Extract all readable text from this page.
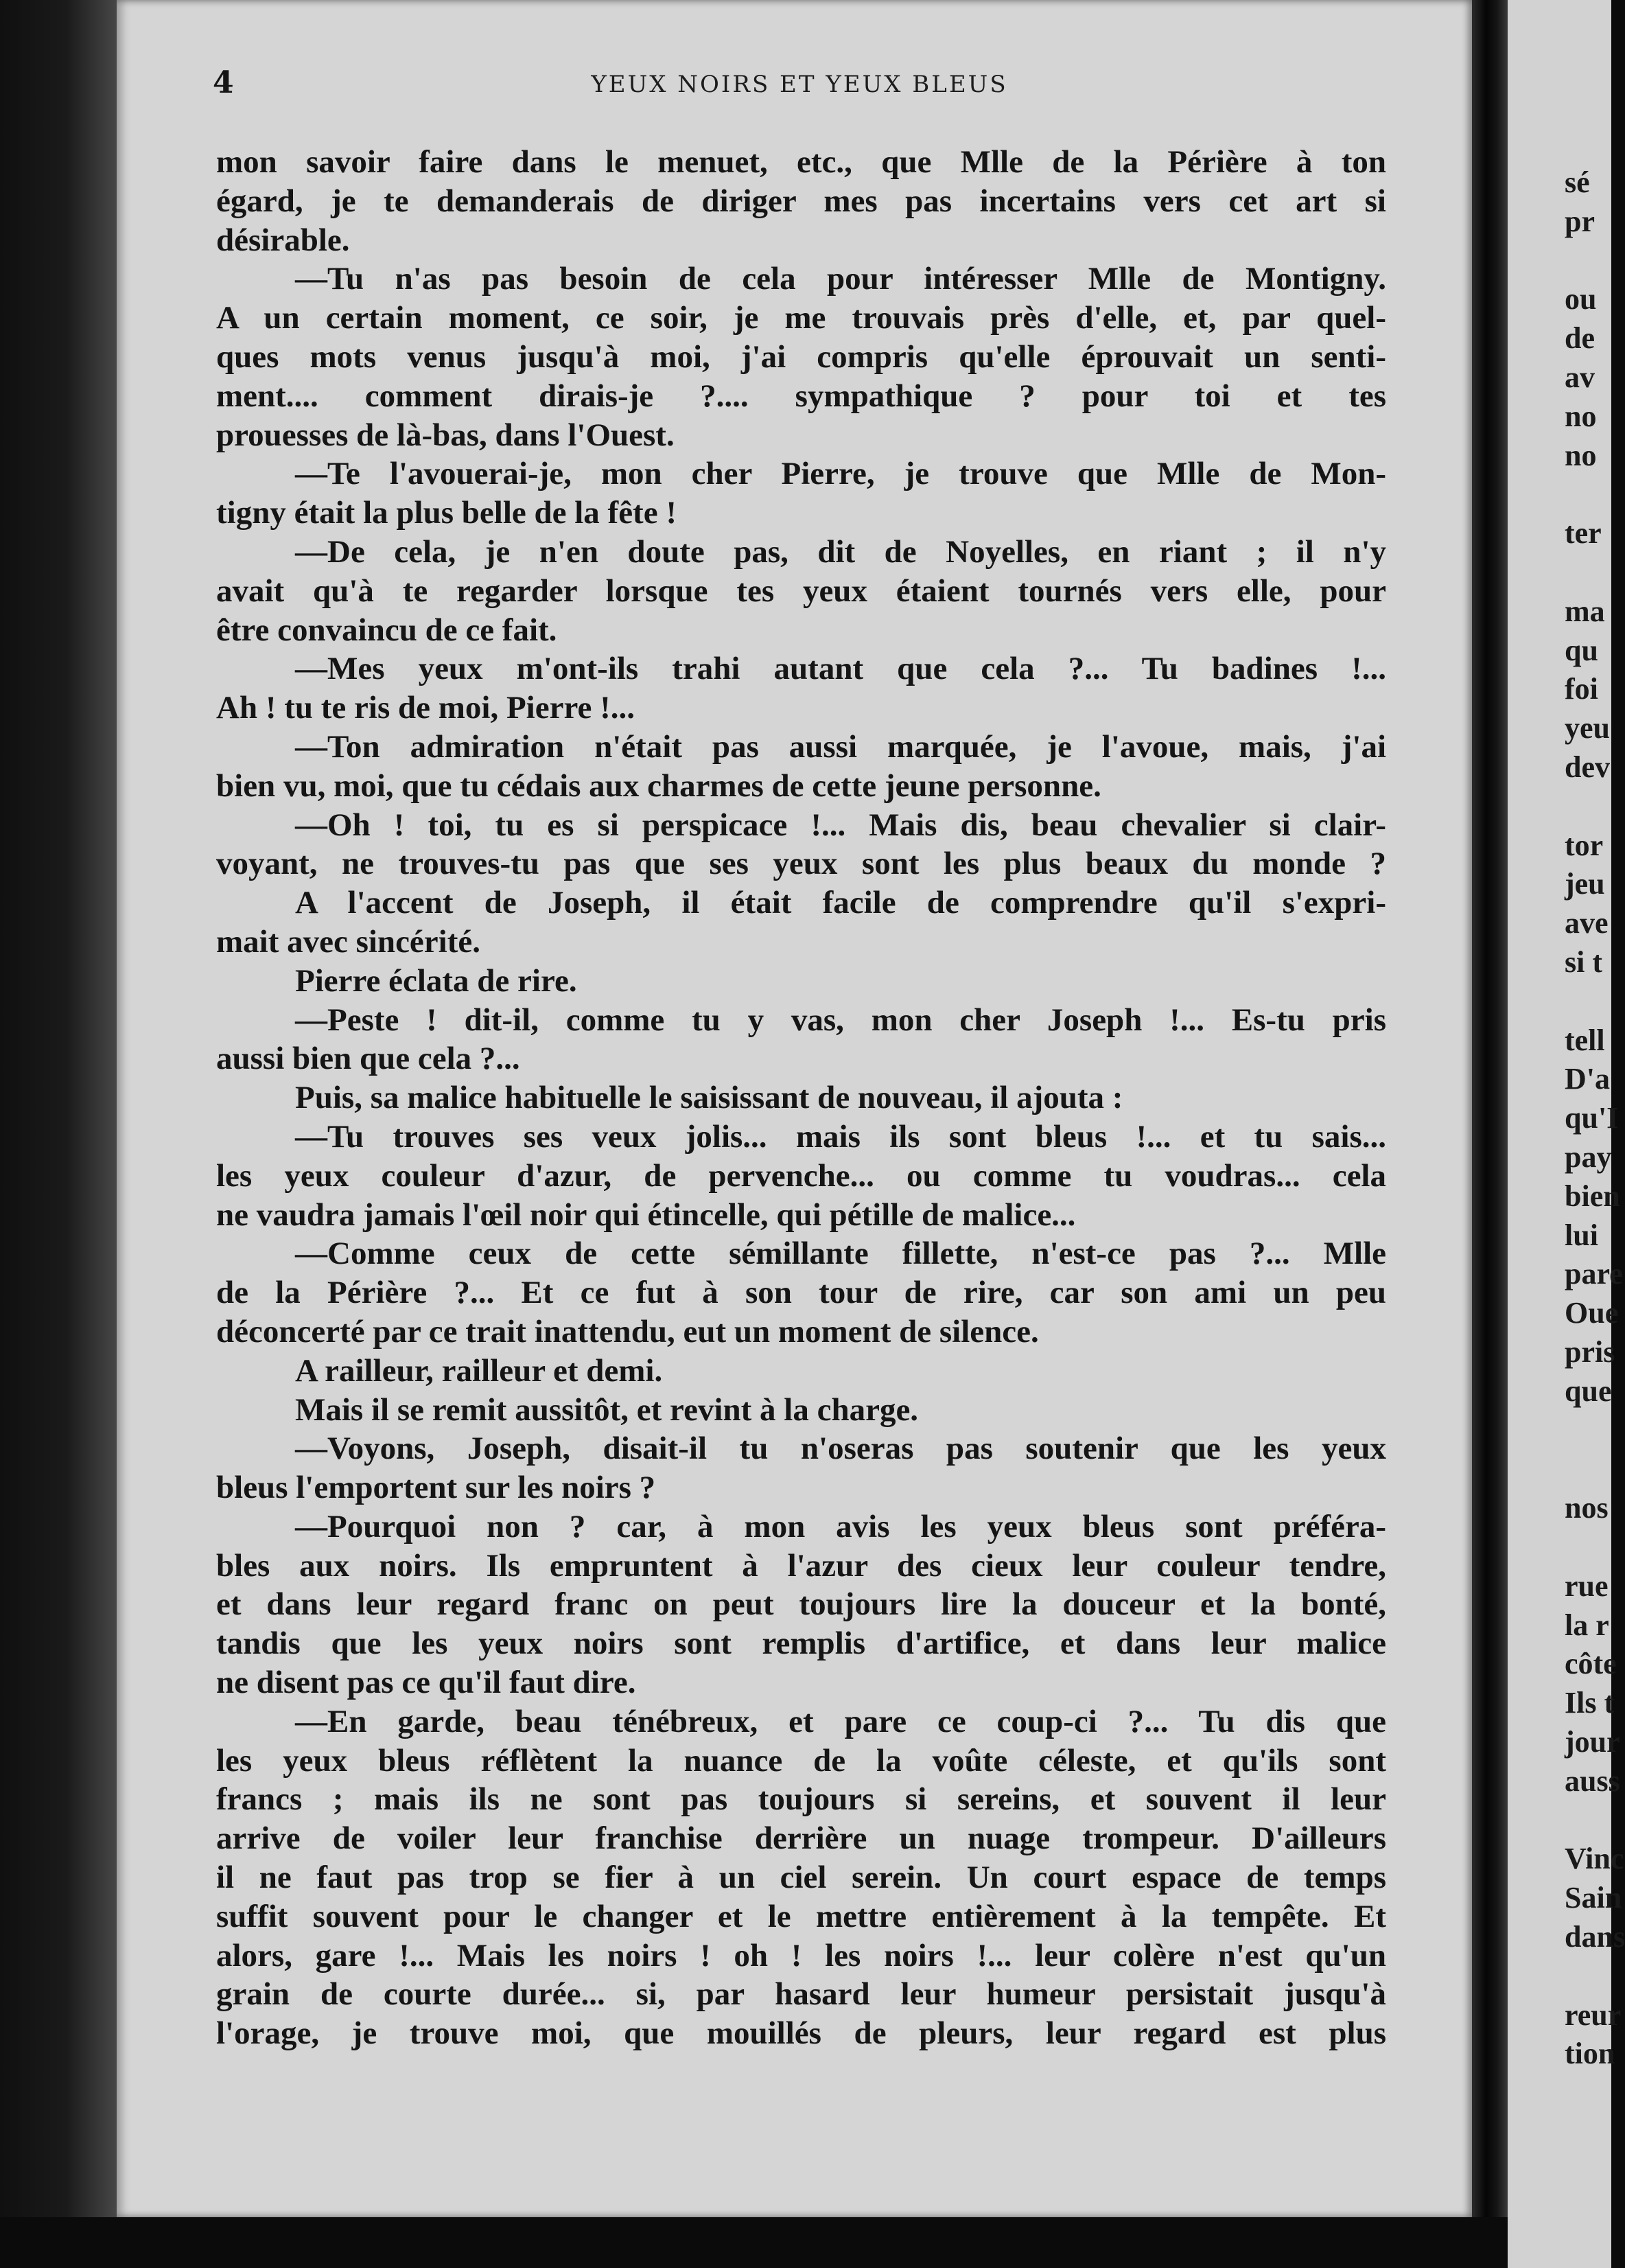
4	YEUX NOIRS ET YEUX BLEUS
mon savoir faire dans le menuet, etc., que Mlle de la Périère à ton
égard, je te demanderais de diriger mes pas incertains vers cet art si
désirable.
—Tu n'as pas besoin de cela pour intéresser Mlle de Montigny.
A un certain moment, ce soir, je me trouvais près d'elle, et, par quel-
ques mots venus jusqu'à moi, j'ai compris qu'elle éprouvait un senti-
ment.... comment dirais-je ?.... sympathique ? pour toi et tes
prouesses de là-bas, dans l'Ouest.
—Te l'avouerai-je, mon cher Pierre, je trouve que Mlle de Mon-
tigny était la plus belle de la fête !
—De cela, je n'en doute pas, dit de Noyelles, en riant ; il n'y
avait qu'à te regarder lorsque tes yeux étaient tournés vers elle, pour
être convaincu de ce fait.
—Mes yeux m'ont-ils trahi autant que cela ?... Tu badines !...
Ah ! tu te ris de moi, Pierre !...
—Ton admiration n'était pas aussi marquée, je l'avoue, mais, j'ai
bien vu, moi, que tu cédais aux charmes de cette jeune personne.
—Oh ! toi, tu es si perspicace !... Mais dis, beau chevalier si clair-
voyant, ne trouves-tu pas que ses yeux sont les plus beaux du monde ?
A l'accent de Joseph, il était facile de comprendre qu'il s'expri-
mait avec sincérité.
Pierre éclata de rire.
—Peste ! dit-il, comme tu y vas, mon cher Joseph !... Es-tu pris
aussi bien que cela ?...
Puis, sa malice habituelle le saisissant de nouveau, il ajouta :
—Tu trouves ses veux jolis... mais ils sont bleus !... et tu sais...
les yeux couleur d'azur, de pervenche... ou comme tu voudras... cela
ne vaudra jamais l'œil noir qui étincelle, qui pétille de malice...
—Comme ceux de cette sémillante fillette, n'est-ce pas ?... Mlle
de la Périère ?... Et ce fut à son tour de rire, car son ami un peu
déconcerté par ce trait inattendu, eut un moment de silence.
A railleur, railleur et demi.
Mais il se remit aussitôt, et revint à la charge.
—Voyons, Joseph, disait-il tu n'oseras pas soutenir que les yeux
bleus l'emportent sur les noirs ?
—Pourquoi non ? car, à mon avis les yeux bleus sont préféra-
bles aux noirs. Ils empruntent à l'azur des cieux leur couleur tendre,
et dans leur regard franc on peut toujours lire la douceur et la bonté,
tandis que les yeux noirs sont remplis d'artifice, et dans leur malice
ne disent pas ce qu'il faut dire.
—En garde, beau ténébreux, et pare ce coup-ci ?... Tu dis que
les yeux bleus réflètent la nuance de la voûte céleste, et qu'ils sont
francs ; mais ils ne sont pas toujours si sereins, et souvent il leur
arrive de voiler leur franchise derrière un nuage trompeur. D'ailleurs
il ne faut pas trop se fier à un ciel serein. Un court espace de temps
suffit souvent pour le changer et le mettre entièrement à la tempête. Et
alors, gare !... Mais les noirs ! oh ! les noirs !... leur colère n'est qu'un
grain de courte durée... si, par hasard leur humeur persistait jusqu'à
l'orage, je trouve moi, que mouillés de pleurs, leur regard est plus
sé
pr
ou
de
av
no
no
ter
ma
qu
foi
yeu
dev
tor
jeu
ave
si t
tell
D'a
qu'I
pay
bien
lui
pare
Oue
pris
que
nos
rue
la r
côte
Ils t
jour
auss
Vinc
Sain
dans
reur
tion
